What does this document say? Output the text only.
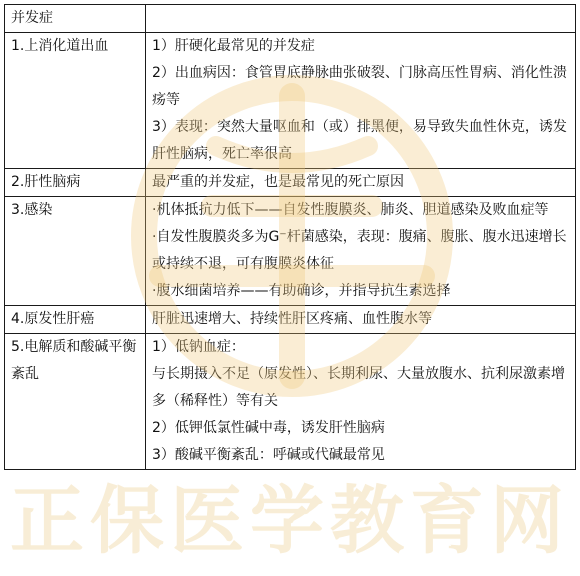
正保医学教育网
并发症	
1.上消化道出血	1）肝硬化最常见的并发症
2）出血病因：食管胃底静脉曲张破裂、门脉高压性胃病、消化性溃疡等
3）表现：突然大量呕血和（或）排黑便，易导致失血性休克，诱发肝性脑病，死亡率很高

2.肝性脑病	最严重的并发症，也是最常见的死亡原因

3.感染	·机体抵抗力低下——自发性腹膜炎、肺炎、胆道感染及败血症等
·自发性腹膜炎多为G⁻杆菌感染，表现：腹痛、腹胀、腹水迅速增长或持续不退，可有腹膜炎体征
·腹水细菌培养——有助确诊，并指导抗生素选择

4.原发性肝癌	肝脏迅速增大、持续性肝区疼痛、血性腹水等

5.电解质和酸碱平衡紊乱	1）低钠血症：
与长期摄入不足（原发性）、长期利尿、大量放腹水、抗利尿激素增多（稀释性）等有关
2）低钾低氯性碱中毒，诱发肝性脑病
3）酸碱平衡紊乱：呼碱或代碱最常见
